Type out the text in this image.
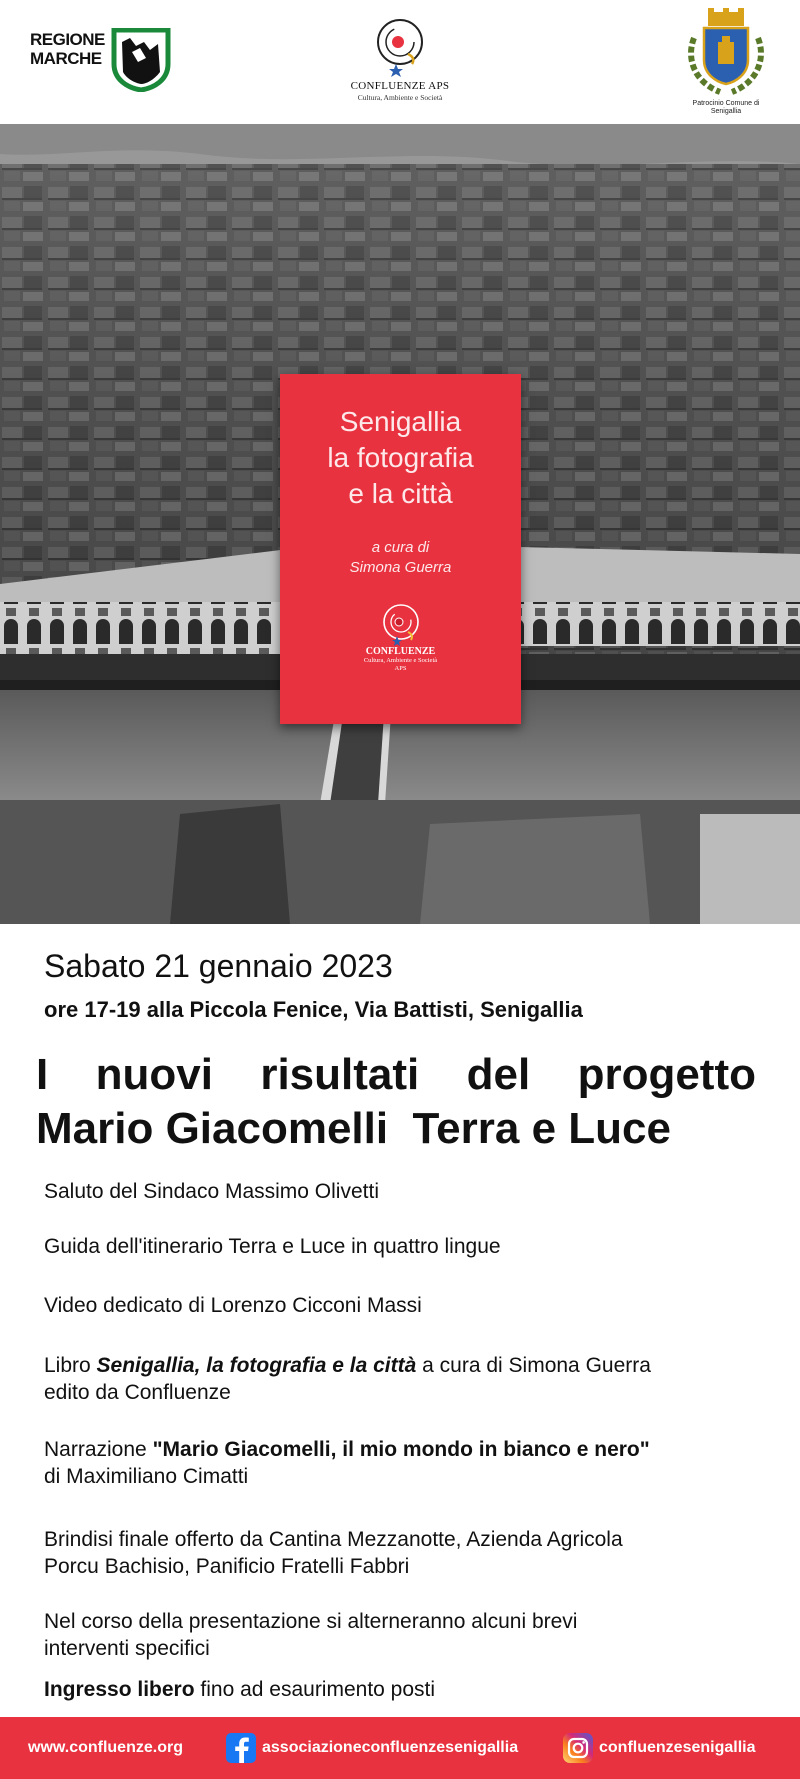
REGIONE MARCHE
CONFLUENZE APS
Cultura, Ambiente e Società
Patrocinio Comune di Senigallia
Senigallia
la fotografia
e la città
a cura di
Simona Guerra
CONFLUENZE
Cultura, Ambiente e Società
APS
Sabato 21 gennaio 2023
ore 17-19 alla Piccola Fenice, Via Battisti, Senigallia
I nuovi risultati del progetto
Mario Giacomelli  Terra e Luce
Saluto del Sindaco Massimo Olivetti
Guida dell'itinerario Terra e Luce in quattro lingue
Video dedicato di Lorenzo Cicconi Massi
Libro Senigallia, la fotografia e la città a cura di Simona Guerra
edito da Confluenze
Narrazione "Mario Giacomelli, il mio mondo in bianco e nero"
di Maximiliano Cimatti
Brindisi finale offerto da Cantina Mezzanotte, Azienda Agricola
Porcu Bachisio, Panificio Fratelli Fabbri
Nel corso della presentazione si alterneranno alcuni brevi
interventi specifici
Ingresso libero fino ad esaurimento posti
www.confluenze.org	associazioneconfluenzesenigallia	confluenzesenigallia
